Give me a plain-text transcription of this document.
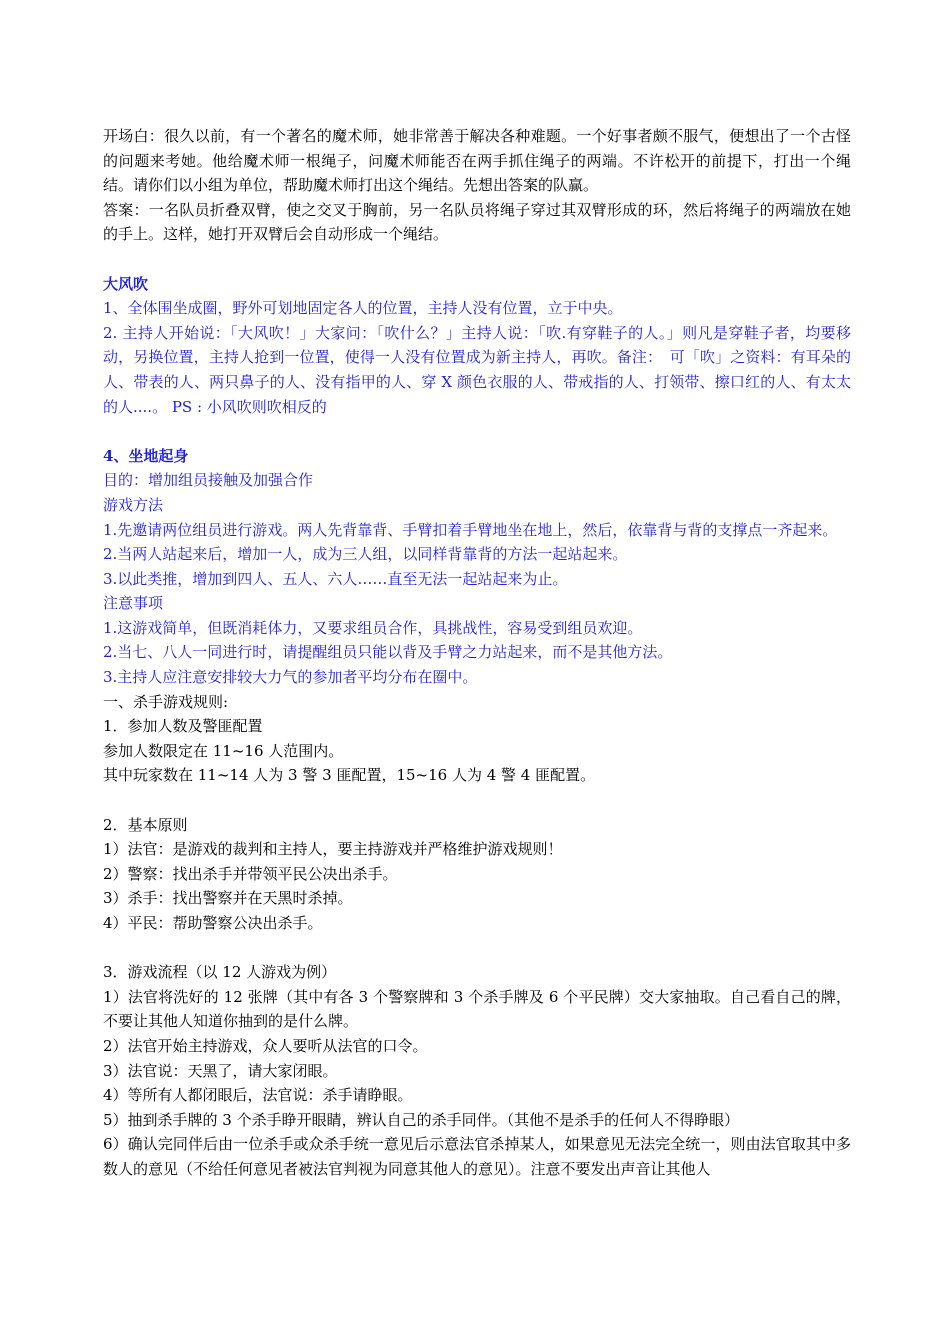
开场白：很久以前，有一个著名的魔术师，她非常善于解决各种难题。一个好事者颇不服气，便想出了一个古怪的问题来考她。他给魔术师一根绳子，问魔术师能否在两手抓住绳子的两端。不许松开的前提下，打出一个绳结。请你们以小组为单位，帮助魔术师打出这个绳结。先想出答案的队赢。

答案：一名队员折叠双臂，使之交叉于胸前，另一名队员将绳子穿过其双臂形成的环，然后将绳子的两端放在她的手上。这样，她打开双臂后会自动形成一个绳结。

大风吹

1、全体围坐成圈，野外可划地固定各人的位置，主持人没有位置，立于中央。

2. 主持人开始说：「大风吹！」大家问：「吹什么？」主持人说：「吹.有穿鞋子的人。」则凡是穿鞋子者，均要移动，另换位置，主持人抢到一位置，使得一人没有位置成为新主持人，再吹。备注：　可「吹」之资料：有耳朵的人、带表的人、两只鼻子的人、没有指甲的人、穿 X 颜色衣服的人、带戒指的人、打领带、擦口红的人、有太太的人....。 PS : 小风吹则吹相反的

4、坐地起身

目的：增加组员接触及加强合作

游戏方法

1.先邀请两位组员进行游戏。两人先背靠背、手臂扣着手臂地坐在地上，然后，依靠背与背的支撑点一齐起来。

2.当两人站起来后，增加一人，成为三人组，以同样背靠背的方法一起站起来。

3.以此类推，增加到四人、五人、六人……直至无法一起站起来为止。

注意事项

1.这游戏简单，但既消耗体力，又要求组员合作，具挑战性，容易受到组员欢迎。

2.当七、八人一同进行时，请提醒组员只能以背及手臂之力站起来，而不是其他方法。

3.主持人应注意安排较大力气的参加者平均分布在圈中。

一、杀手游戏规则:

1．参加人数及警匪配置

参加人数限定在 11~16 人范围内。

其中玩家数在 11~14 人为 3 警 3 匪配置，15~16 人为 4 警 4 匪配置。

2．基本原则

1）法官：是游戏的裁判和主持人，要主持游戏并严格维护游戏规则！

2）警察：找出杀手并带领平民公决出杀手。

3）杀手：找出警察并在天黑时杀掉。

4）平民：帮助警察公决出杀手。

3．游戏流程（以 12 人游戏为例）

1）法官将洗好的 12 张牌（其中有各 3 个警察牌和 3 个杀手牌及 6 个平民牌）交大家抽取。自己看自己的牌，不要让其他人知道你抽到的是什么牌。

2）法官开始主持游戏，众人要听从法官的口令。

3）法官说：天黑了，请大家闭眼。

4）等所有人都闭眼后，法官说：杀手请睁眼。

5）抽到杀手牌的 3 个杀手睁开眼睛，辨认自己的杀手同伴。（其他不是杀手的任何人不得睁眼）

6）确认完同伴后由一位杀手或众杀手统一意见后示意法官杀掉某人，如果意见无法完全统一，则由法官取其中多数人的意见（不给任何意见者被法官判视为同意其他人的意见）。注意不要发出声音让其他人
